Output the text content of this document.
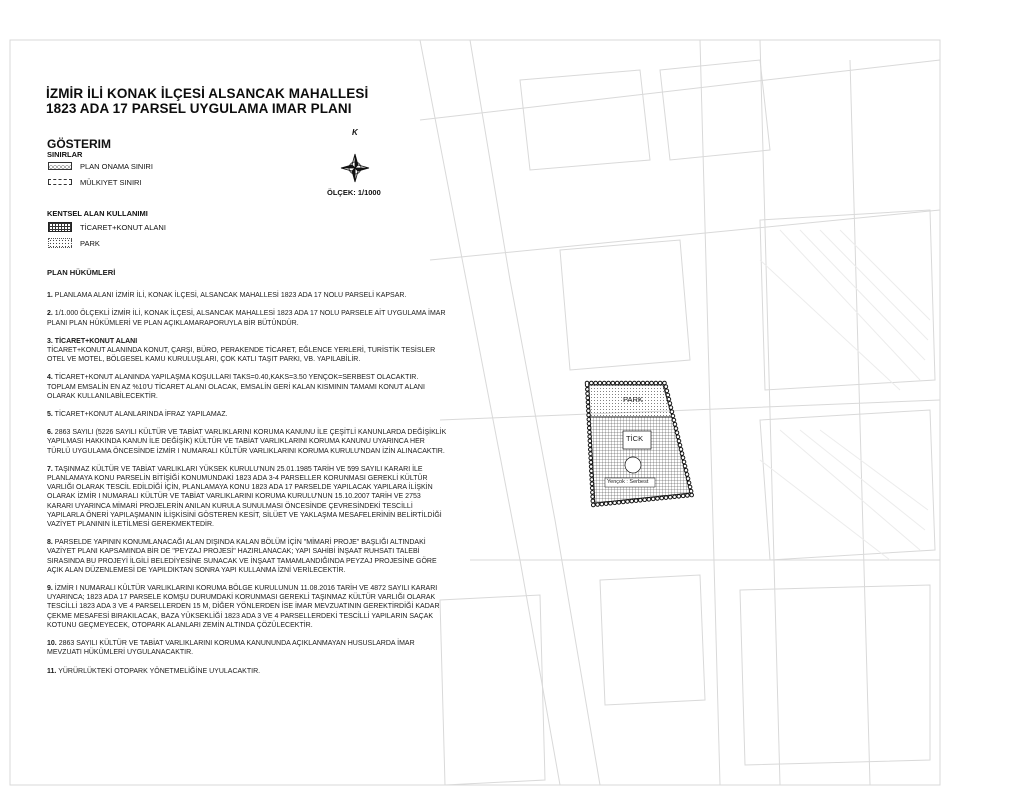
İZMİR İLİ KONAK İLÇESİ ALSANCAK MAHALLESİ
1823 ADA 17 PARSEL UYGULAMA IMAR PLANI
GÖSTERIM
SINIRLAR
PLAN ONAMA SINIRI
MÜLKIYET SINIRI
KENTSEL ALAN KULLANIMI
TİCARET+KONUT ALANI
PARK
PLAN HÜKÜMLERİ
1. PLANLAMA ALANI İZMİR İLİ, KONAK İLÇESİ, ALSANCAK MAHALLESİ 1823 ADA 17 NOLU PARSELİ KAPSAR.
2. 1/1.000 ÖLÇEKLİ İZMİR İLİ, KONAK İLÇESİ, ALSANCAK MAHALLESİ 1823 ADA 17 NOLU PARSELE AİT UYGULAMA İMAR PLANI PLAN HÜKÜMLERİ VE PLAN AÇIKLAMARAPORUYLA BİR BÜTÜNDÜR.
3. TİCARET+KONUT ALANI
TİCARET+KONUT ALANINDA KONUT, ÇARŞI, BÜRO, PERAKENDE TİCARET, EĞLENCE YERLERİ, TURİSTİK TESİSLER OTEL VE MOTEL, BÖLGESEL KAMU KURULUŞLARI, ÇOK KATLI TAŞIT PARKI, VB. YAPILABİLİR.
4. TİCARET+KONUT ALANINDA YAPILAŞMA KOŞULLARI TAKS=0.40,KAKS=3.50 YENÇOK=SERBEST OLACAKTIR. TOPLAM EMSALİN EN AZ %10'U TİCARET ALANI OLACAK, EMSALİN GERİ KALAN KISMININ TAMAMI KONUT ALANI OLARAK KULLANILABİLECEKTİR.
5. TİCARET+KONUT ALANLARINDA İFRAZ YAPILAMAZ.
6. 2863 SAYILI (5226 SAYILI KÜLTÜR VE TABİAT VARLIKLARINI KORUMA KANUNU İLE ÇEŞİTLİ KANUNLARDA DEĞİŞİKLİK YAPILMASI HAKKINDA KANUN İLE DEĞİŞİK) KÜLTÜR VE TABİAT VARLIKLARINI KORUMA KANUNU UYARINCA HER TÜRLÜ UYGULAMA ÖNCESİNDE İZMİR I NUMARALI KÜLTÜR VARLIKLARINI KORUMA KURULU'NDAN İZİN ALINACAKTIR.
7. TAŞINMAZ KÜLTÜR VE TABİAT VARLIKLARI YÜKSEK KURULU'NUN 25.01.1985 TARİH VE 599 SAYILI KARARI İLE PLANLAMAYA KONU PARSELİN BİTİŞİĞİ KONUMUNDAKİ 1823 ADA 3-4 PARSELLER KORUNMASI GEREKLİ KÜLTÜR VARLIĞI OLARAK TESCİL EDİLDİĞİ İÇİN, PLANLAMAYA KONU 1823 ADA 17 PARSELDE YAPILACAK YAPILARA İLİŞKİN OLARAK İZMİR I NUMARALI KÜLTÜR VE TABİAT VARLIKLARINI KORUMA KURULU'NUN 15.10.2007 TARİH VE 2753 KARARI UYARINCA MİMARİ PROJELERİN ANILAN KURULA SUNULMASI ÖNCESİNDE ÇEVRESİNDEKİ TESCİLLİ YAPILARLA ÖNERİ YAPILAŞMANIN İLİŞKİSİNİ GÖSTEREN KESİT, SİLÜET VE YAKLAŞMA MESAFELERİNİN BELİRTİLDİĞİ VAZİYET PLANININ İLETİLMESİ GEREKMEKTEDİR.
8. PARSELDE YAPININ KONUMLANACAĞI ALAN DIŞINDA KALAN BÖLÜM İÇİN "MİMARİ PROJE" BAŞLIĞI ALTINDAKİ VAZİYET PLANI KAPSAMINDA BİR DE "PEYZAJ PROJESİ" HAZIRLANACAK; YAPI SAHİBİ İNŞAAT RUHSATI TALEBİ SIRASINDA BU PROJEYİ İLGİLİ BELEDİYESİNE SUNACAK VE İNŞAAT TAMAMLANDIĞINDA PEYZAJ PROJESİNE GÖRE AÇIK ALAN DÜZENLEMESİ DE YAPILDIKTAN SONRA YAPI KULLANMA İZNİ VERİLECEKTİR.
9. İZMİR I NUMARALI KÜLTÜR VARLIKLARINI KORUMA BÖLGE KURULUNUN 11.08.2016 TARİH VE 4872 SAYILI KARARI UYARINCA; 1823 ADA 17 PARSELE KOMŞU DURUMDAKİ KORUNMASI GEREKLİ TAŞINMAZ KÜLTÜR VARLIĞI OLARAK TESCİLLİ 1823 ADA 3 VE 4 PARSELLERDEN 15 M, DİĞER YÖNLERDEN İSE İMAR MEVZUATININ GEREKTİRDİĞİ KADAR ÇEKME MESAFESİ BIRAKILACAK, BAZA YÜKSEKLİĞİ 1823 ADA 3 VE 4 PARSELLERDEKİ TESCİLLİ YAPILARIN SAÇAK KOTUNU GEÇMEYECEK, OTOPARK ALANLARI ZEMİN ALTINDA ÇÖZÜLECEKTİR.
10. 2863 SAYILI KÜLTÜR VE TABİAT VARLIKLARINI KORUMA KANUNUNDA AÇIKLANMAYAN HUSUSLARDA İMAR MEVZUATI HÜKÜMLERİ UYGULANACAKTIR.
11. YÜRÜRLÜKTEKİ OTOPARK YÖNETMELİĞİNE UYULACAKTIR.
K
ÖLÇEK: 1/1000
PARK
TİCK
Yençok : Serbest
